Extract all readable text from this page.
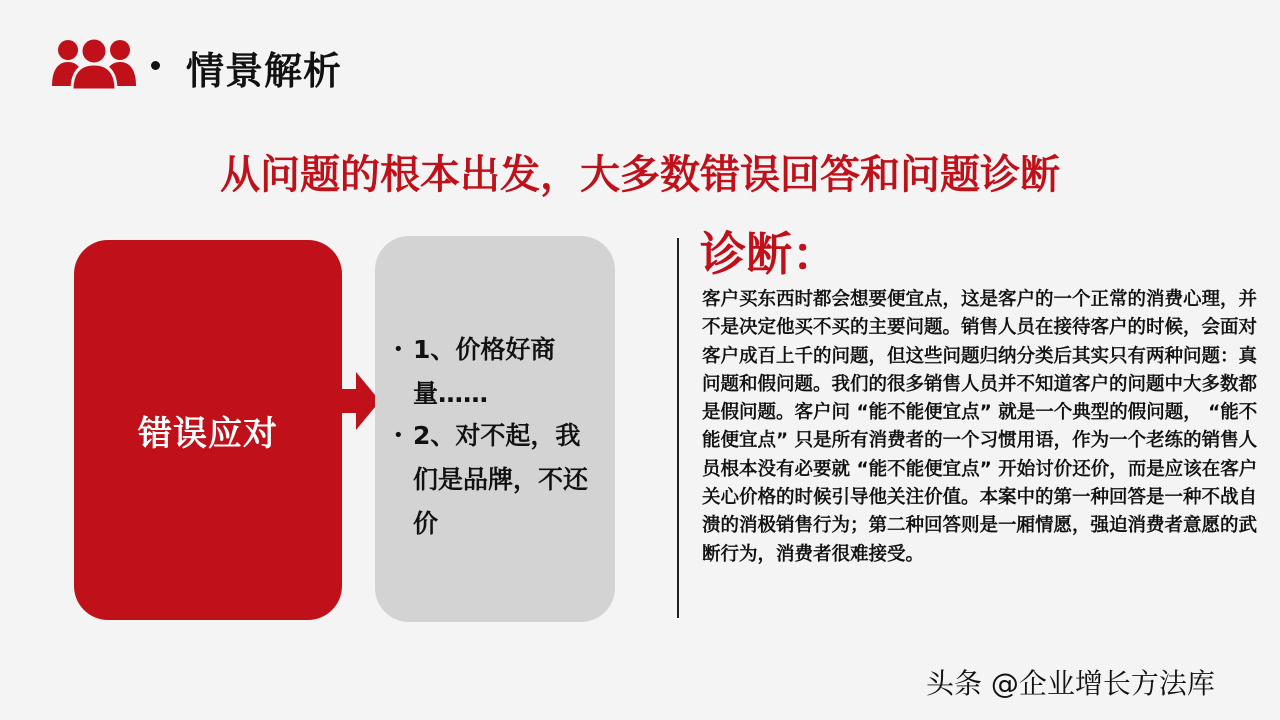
情景解析
从问题的根本出发，大多数错误回答和问题诊断
错误应对
• 1、价格好商量……
• 2、对不起，我们是品牌，不还价
诊断：

客户买东西时都会想要便宜点，这是客户的一个正常的消费心理，并不是决定他买不买的主要问题。销售人员在接待客户的时候，会面对客户成百上千的问题，但这些问题归纳分类后其实只有两种问题：真问题和假问题。我们的很多销售人员并不知道客户的问题中大多数都是假问题。客户问 “能不能便宜点” 就是一个典型的假问题， “能不能便宜点” 只是所有消费者的一个习惯用语，作为一个老练的销售人员根本没有必要就 “能不能便宜点” 开始讨价还价，而是应该在客户关心价格的时候引导他关注价值。本案中的第一种回答是一种不战自溃的消极销售行为；第二种回答则是一厢情愿，强迫消费者意愿的武断行为，消费者很难接受。

头条 @企业增长方法库
